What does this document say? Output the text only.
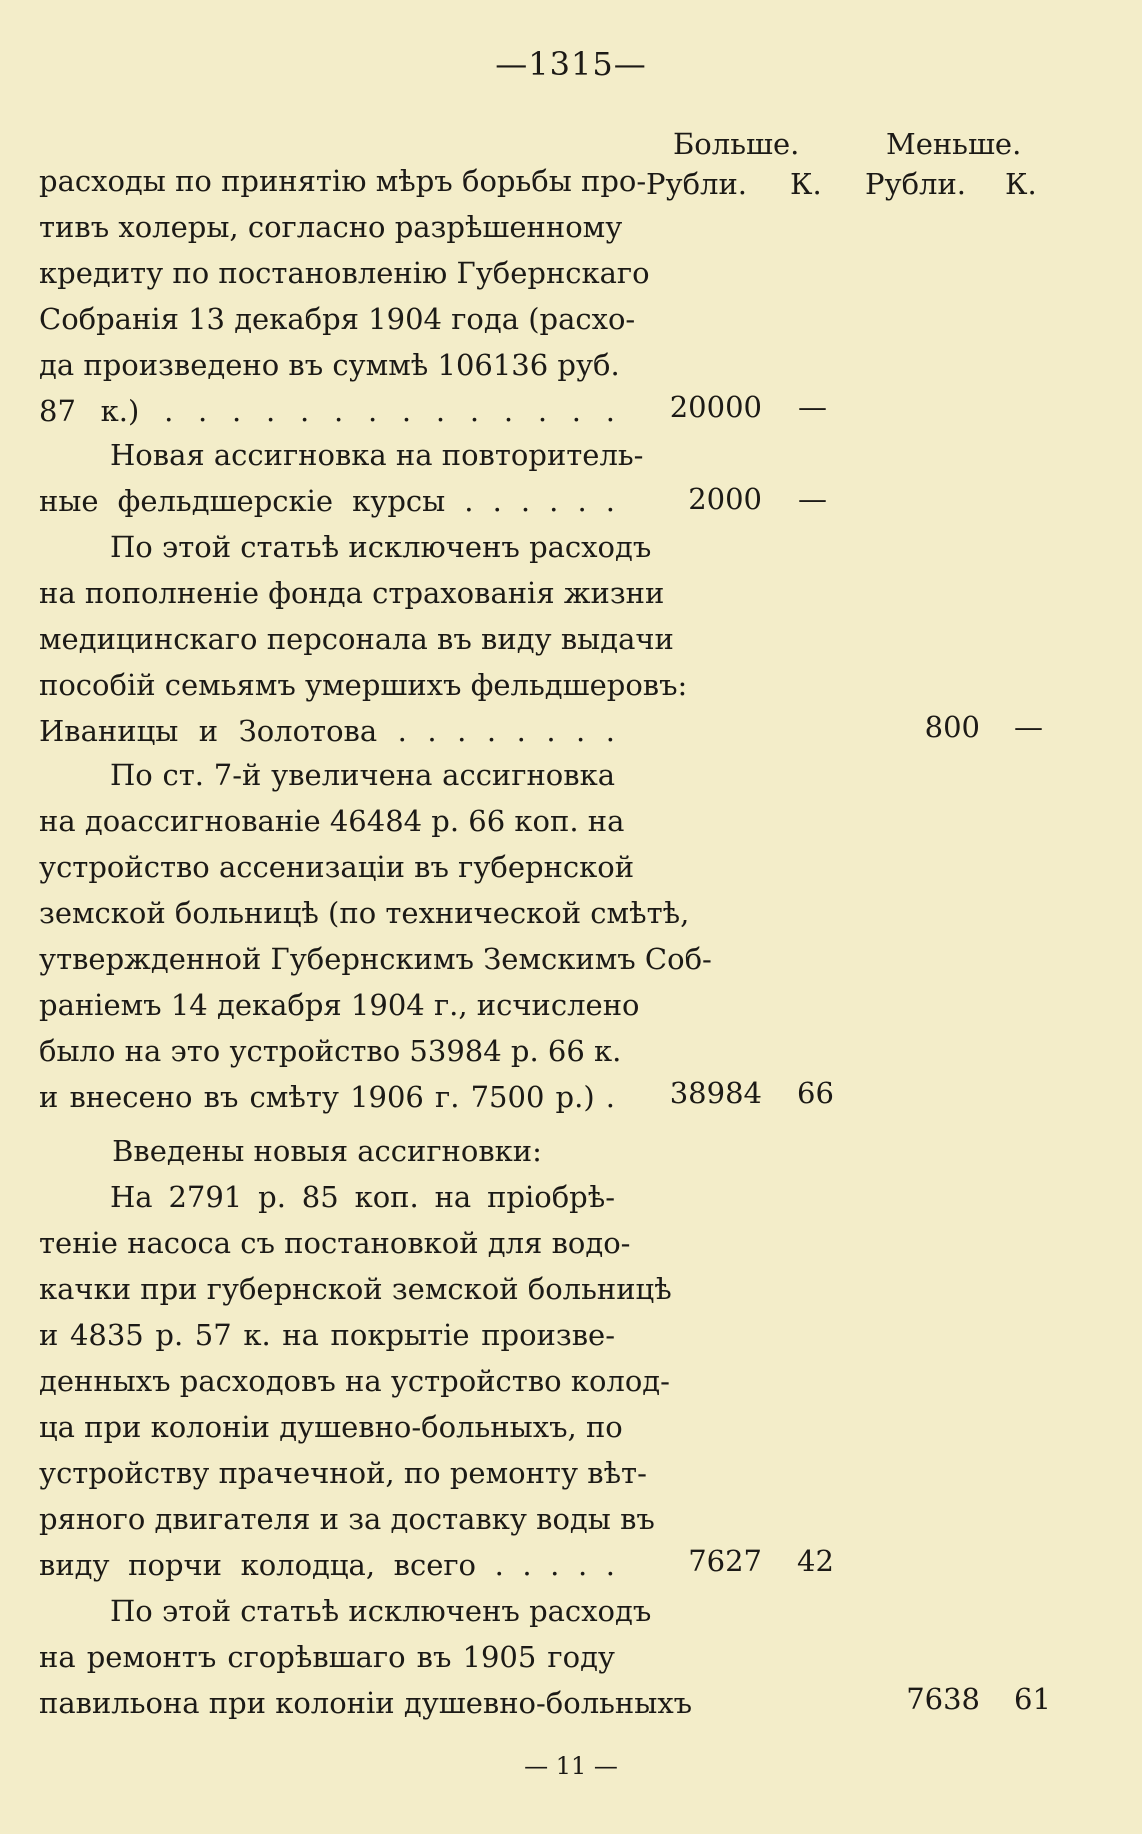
—1315—
Больше.	Меньше.
Рубли. К. Рубли. К.
расходы по принятію мѣръ борьбы про-
тивъ холеры, согласно разрѣшенному
кредиту по постановленію Губернскаго
Собранія 13 декабря 1904 года (расхо-
да произведено въ суммѣ 106136 руб.
87 к.) . . . . . . . . . . . . . .
Новая ассигновка на повторитель-
ные фельдшерскіе курсы . . . . . .
По этой статьѣ исключенъ расходъ
на пополненіе фонда страхованія жизни
медицинскаго персонала въ виду выдачи
пособій семьямъ умершихъ фельдшеровъ:
Иваницы и Золотова . . . . . . . .
По ст. 7-й увеличена ассигновка
на доассигнованіе 46484 р. 66 коп. на
устройство ассенизаціи въ губернской
земской больницѣ (по технической смѣтѣ,
утвержденной Губернскимъ Земскимъ Соб-
раніемъ 14 декабря 1904 г., исчислено
было на это устройство 53984 р. 66 к.
и внесено въ смѣту 1906 г. 7500 р.) .
Введены новыя ассигновки:
На 2791 р. 85 коп. на пріобрѣ-
теніе насоса съ постановкой для водо-
качки при губернской земской больницѣ
и 4835 р. 57 к. на покрытіе произве-
денныхъ расходовъ на устройство колод-
ца при колоніи душевно-больныхъ, по
устройству прачечной, по ремонту вѣт-
ряного двигателя и за доставку воды въ
виду порчи колодца, всего . . . . .
По этой статьѣ исключенъ расходъ
на ремонтъ сгорѣвшаго въ 1905 году
павильона при колоніи душевно-больныхъ
20000 —
2000 —
800 —
38984 66
7627 42
7638 61
— 11 —
